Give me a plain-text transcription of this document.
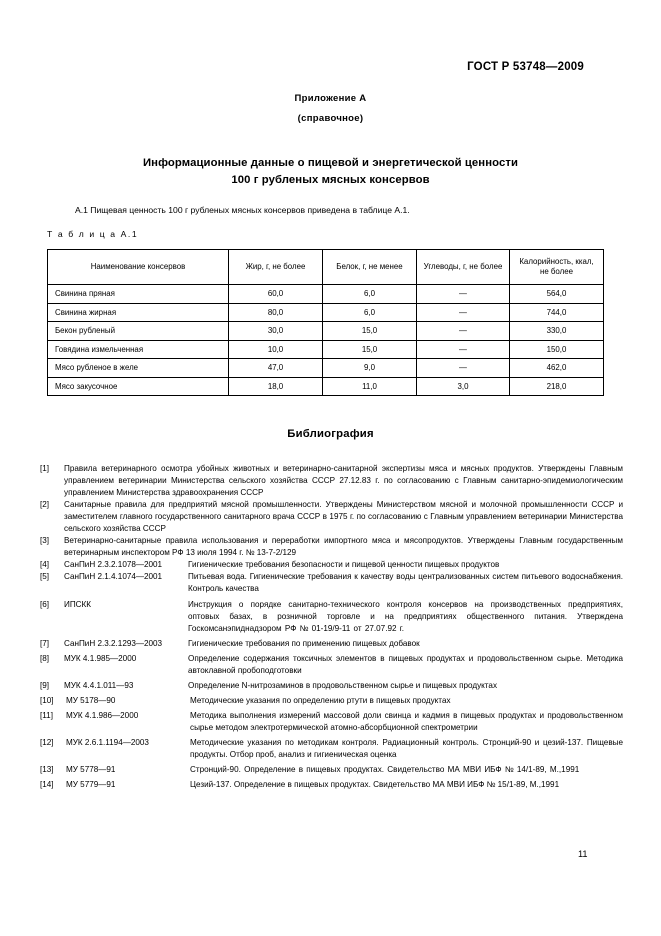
ГОСТ Р 53748—2009
Приложение А
(справочное)
Информационные данные о пищевой и энергетической ценности
100 г рубленых мясных консервов
А.1 Пищевая ценность 100 г рубленых мясных консервов приведена в таблице А.1.
Т а б л и ц а А.1
Наименование консервов	Жир, г, не более	Белок, г, не менее	Углеводы, г, не более	Калорийность, ккал, не более
Свинина пряная	60,0	6,0	—	564,0
Свинина жирная	80,0	6,0	—	744,0
Бекон рубленый	30,0	15,0	—	330,0
Говядина измельченная	10,0	15,0	—	150,0
Мясо рубленое в желе	47,0	9,0	—	462,0
Мясо закусочное	18,0	11,0	3,0	218,0
Библиография
[1]	Правила ветеринарного осмотра убойных животных и ветеринарно-санитарной экспертизы мяса и мясных продуктов. Утверждены Главным управлением ветеринарии Министерства сельского хозяйства СССР 27.12.83 г. по согласованию с Главным санитарно-эпидемиологическим управлением Министерства здравоохранения СССР
[2]	Санитарные правила для предприятий мясной промышленности. Утверждены Министерством мясной и молочной промышленности СССР и заместителем главного государственного санитарного врача СССР в 1975 г. по согласованию с Главным управлением ветеринарии Министерства сельского хозяйства СССР
[3]	Ветеринарно-санитарные правила использования и переработки импортного мяса и мясопродуктов. Утверждены Главным государственным ветеринарным инспектором РФ 13 июля 1994 г. № 13-7-2/129
[4]	СанПиН 2.3.2.1078—2001	Гигиенические требования безопасности и пищевой ценности пищевых продуктов
[5]	СанПиН 2.1.4.1074—2001	Питьевая вода. Гигиенические требования к качеству воды централизованных систем питьевого водоснабжения. Контроль качества
[6]	ИПСКК	Инструкция о порядке санитарно-технического контроля консервов на производственных предприятиях, оптовых базах, в розничной торговле и на предприятиях общественного питания. Утверждена Госкомсанэпиднадзором РФ № 01-19/9-11 от 27.07.92 г.
[7]	СанПиН 2.3.2.1293—2003	Гигиенические требования по применению пищевых добавок
[8]	МУК 4.1.985—2000	Определение содержания токсичных элементов в пищевых продуктах и продовольственном сырье. Методика автоклавной пробоподготовки
[9]	МУК 4.4.1.011—93	Определение N-нитрозаминов в продовольственном сырье и пищевых продуктах
[10]	МУ 5178—90	Методические указания по определению ртути в пищевых продуктах
[11]	МУК 4.1.986—2000	Методика выполнения измерений массовой доли свинца и кадмия в пищевых продуктах и продовольственном сырье методом электротермической атомно-абсорбционной спектрометрии
[12]	МУК 2.6.1.1194—2003	Методические указания по методикам контроля. Радиационный контроль. Стронций-90 и цезий-137. Пищевые продукты. Отбор проб, анализ и гигиеническая оценка
[13]	МУ 5778—91	Стронций-90. Определение в пищевых продуктах. Свидетельство МА МВИ ИБФ № 14/1-89, М.,1991
[14]	МУ 5779—91	Цезий-137. Определение в пищевых продуктах. Свидетельство МА МВИ ИБФ № 15/1-89, М.,1991
11
